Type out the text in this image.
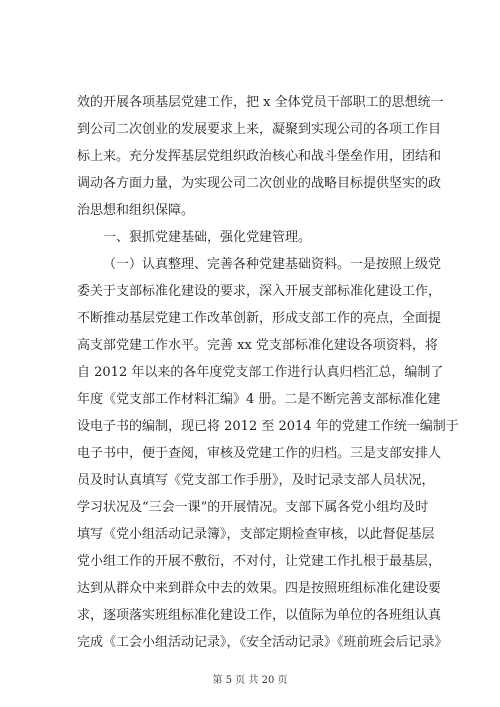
效的开展各项基层党建工作，把 x 全体党员干部职工的思想统一
到公司二次创业的发展要求上来，凝聚到实现公司的各项工作目
标上来。充分发挥基层党组织政治核心和战斗堡垒作用，团结和
调动各方面力量，为实现公司二次创业的战略目标提供坚实的政
治思想和组织保障。
一、狠抓党建基础，强化党建管理。
（一）认真整理、完善各种党建基础资料。一是按照上级党
委关于支部标准化建设的要求，深入开展支部标准化建设工作，
不断推动基层党建工作改革创新，形成支部工作的亮点，全面提
高支部党建工作水平。完善 xx 党支部标准化建设各项资料，将
自 2012 年以来的各年度党支部工作进行认真归档汇总，编制了
年度《党支部工作材料汇编》4 册。二是不断完善支部标准化建
设电子书的编制，现已将 2012 至 2014 年的党建工作统一编制于
电子书中，便于查阅，审核及党建工作的归档。三是支部安排人
员及时认真填写《党支部工作手册》，及时记录支部人员状况，
学习状况及“三会一课”的开展情况。支部下属各党小组均及时
填写《党小组活动记录簿》，支部定期检查审核，以此督促基层
党小组工作的开展不敷衍，不对付，让党建工作扎根于最基层，
达到从群众中来到群众中去的效果。四是按照班组标准化建设要
求，逐项落实班组标准化建设工作，以值际为单位的各班组认真
完成《工会小组活动记录》，《安全活动记录》《班前班会后记录》
第 5 页 共 20 页
